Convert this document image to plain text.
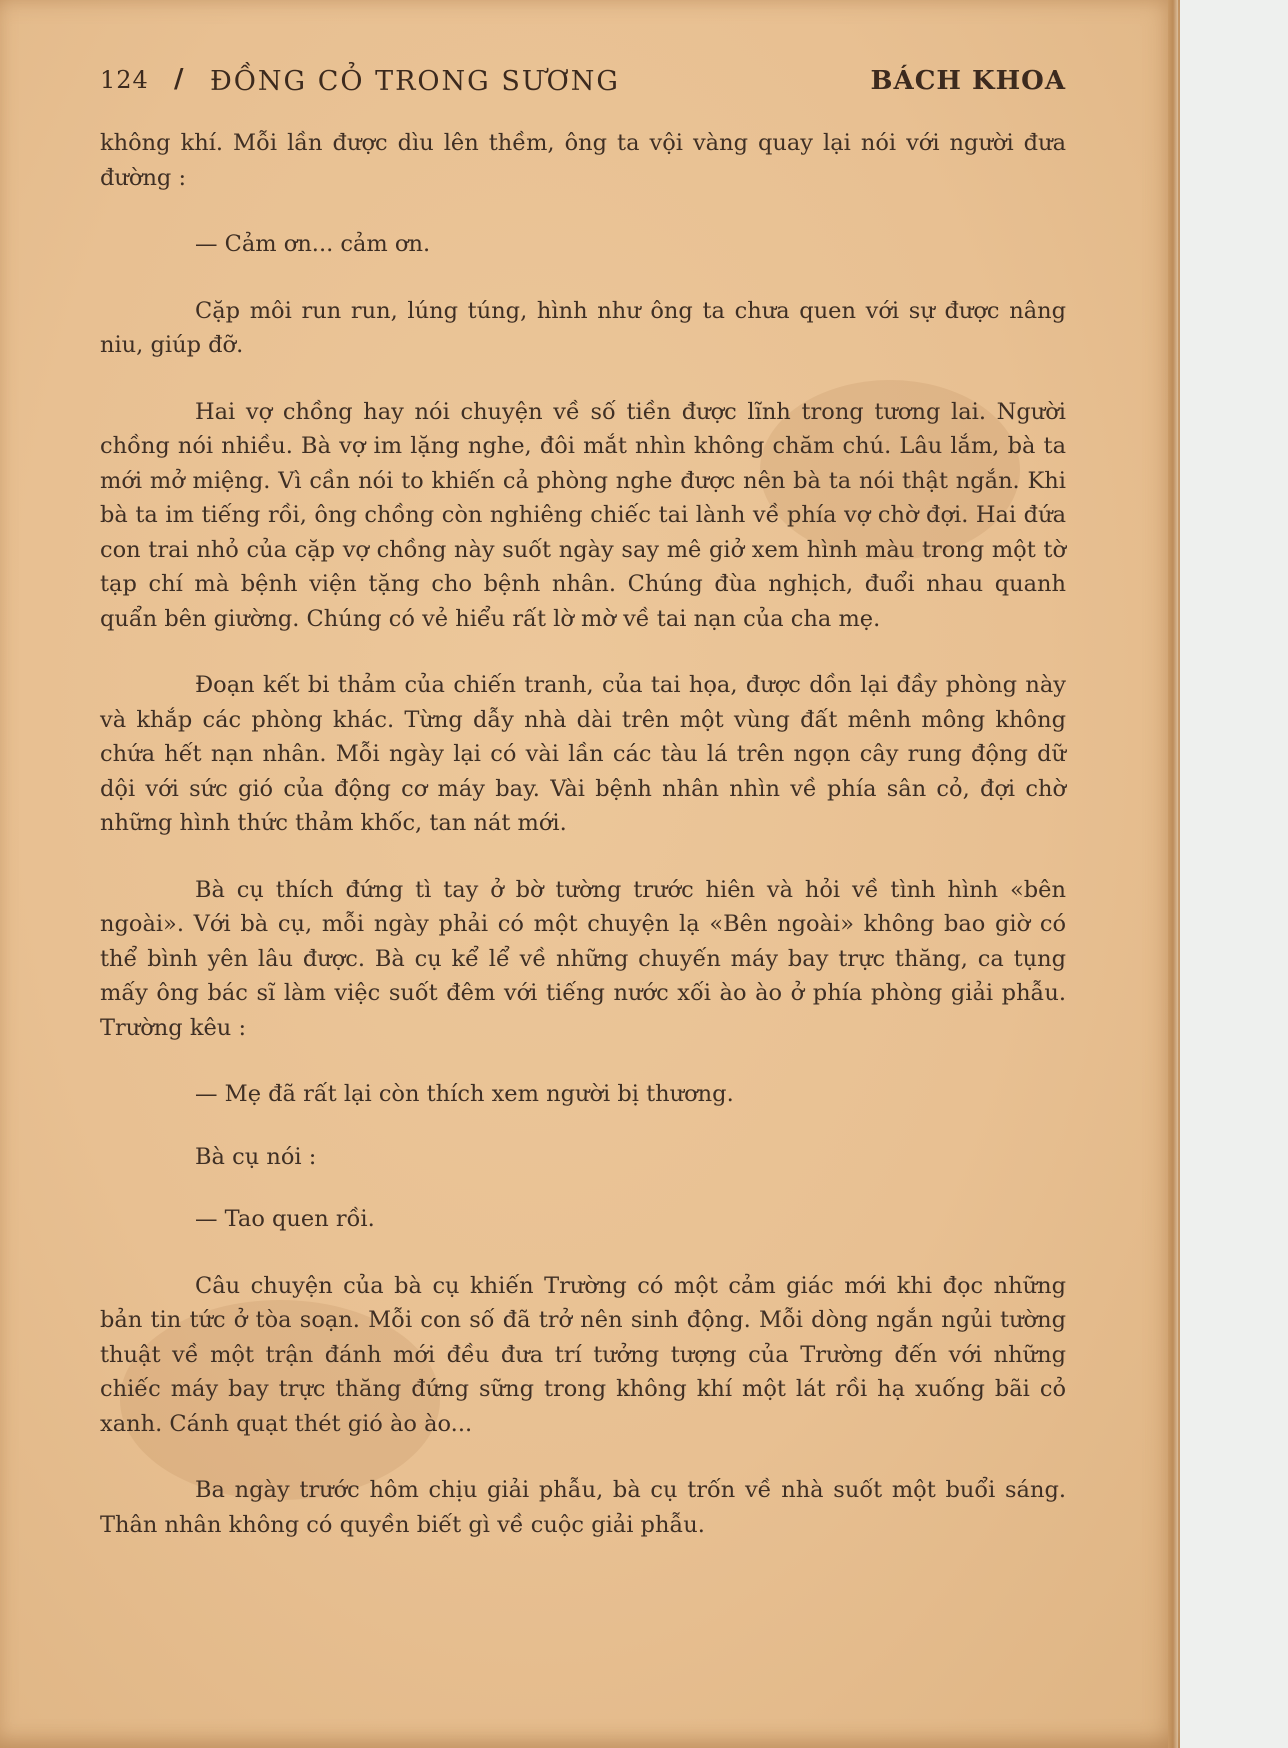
124 / ĐỒNG CỎ TRONG SƯƠNG	BÁCH KHOA

không khí. Mỗi lần được dìu lên thềm, ông ta vội vàng quay lại nói với người đưa đường :

— Cảm ơn... cảm ơn.

Cặp môi run run, lúng túng, hình như ông ta chưa quen với sự được nâng niu, giúp đỡ.

Hai vợ chồng hay nói chuyện về số tiền được lĩnh trong tương lai. Người chồng nói nhiều. Bà vợ im lặng nghe, đôi mắt nhìn không chăm chú. Lâu lắm, bà ta mới mở miệng. Vì cần nói to khiến cả phòng nghe được nên bà ta nói thật ngắn. Khi bà ta im tiếng rồi, ông chồng còn nghiêng chiếc tai lành về phía vợ chờ đợi. Hai đứa con trai nhỏ của cặp vợ chồng này suốt ngày say mê giở xem hình màu trong một tờ tạp chí mà bệnh viện tặng cho bệnh nhân. Chúng đùa nghịch, đuổi nhau quanh quẩn bên giường. Chúng có vẻ hiểu rất lờ mờ về tai nạn của cha mẹ.

Đoạn kết bi thảm của chiến tranh, của tai họa, được dồn lại đầy phòng này và khắp các phòng khác. Từng dẫy nhà dài trên một vùng đất mênh mông không chứa hết nạn nhân. Mỗi ngày lại có vài lần các tàu lá trên ngọn cây rung động dữ dội với sức gió của động cơ máy bay. Vài bệnh nhân nhìn về phía sân cỏ, đợi chờ những hình thức thảm khốc, tan nát mới.

Bà cụ thích đứng tì tay ở bờ tường trước hiên và hỏi về tình hình «bên ngoài». Với bà cụ, mỗi ngày phải có một chuyện lạ «Bên ngoài» không bao giờ có thể bình yên lâu được. Bà cụ kể lể về những chuyến máy bay trực thăng, ca tụng mấy ông bác sĩ làm việc suốt đêm với tiếng nước xối ào ào ở phía phòng giải phẫu. Trường kêu :

— Mẹ đã rất lại còn thích xem người bị thương.

Bà cụ nói :

— Tao quen rồi.

Câu chuyện của bà cụ khiến Trường có một cảm giác mới khi đọc những bản tin tức ở tòa soạn. Mỗi con số đã trở nên sinh động. Mỗi dòng ngắn ngủi tường thuật về một trận đánh mới đều đưa trí tưởng tượng của Trường đến với những chiếc máy bay trực thăng đứng sững trong không khí một lát rồi hạ xuống bãi cỏ xanh. Cánh quạt thét gió ào ào...

Ba ngày trước hôm chịu giải phẫu, bà cụ trốn về nhà suốt một buổi sáng. Thân nhân không có quyền biết gì về cuộc giải phẫu.
